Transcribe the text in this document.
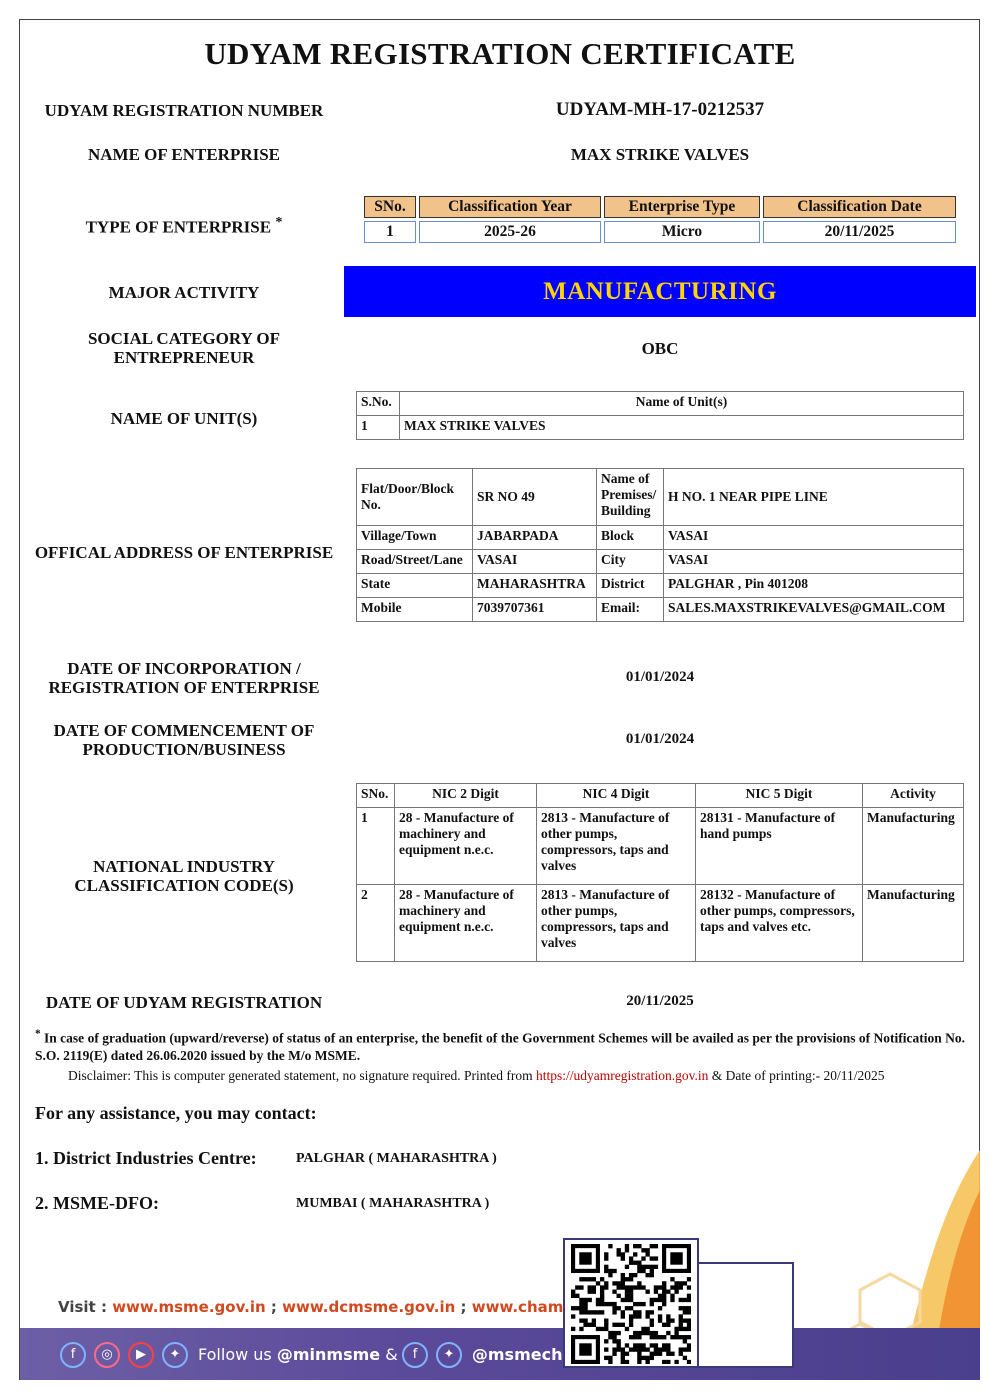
UDYAM REGISTRATION CERTIFICATE
UDYAM REGISTRATION NUMBER	UDYAM-MH-17-0212537
NAME OF ENTERPRISE	MAX STRIKE VALVES
TYPE OF ENTERPRISE *
SNo.	Classification Year	Enterprise Type	Classification Date
1	2025-26	Micro	20/11/2025
MAJOR ACTIVITY	MANUFACTURING
SOCIAL CATEGORY OF
ENTREPRENEUR	OBC
NAME OF UNIT(S)
S.No.	Name of Unit(s)
1	MAX STRIKE VALVES
OFFICAL ADDRESS OF ENTERPRISE
Flat/Door/Block No.	SR NO 49	Name of Premises/ Building	H NO. 1 NEAR PIPE LINE
Village/Town	JABARPADA	Block	VASAI
Road/Street/Lane	VASAI	City	VASAI
State	MAHARASHTRA	District	PALGHAR , Pin 401208
Mobile	7039707361	Email:	SALES.MAXSTRIKEVALVES@GMAIL.COM
DATE OF INCORPORATION /
REGISTRATION OF ENTERPRISE
01/01/2024
DATE OF COMMENCEMENT OF
PRODUCTION/BUSINESS
01/01/2024
NATIONAL INDUSTRY
CLASSIFICATION CODE(S)
SNo.	NIC 2 Digit	NIC 4 Digit	NIC 5 Digit	Activity
1	28 - Manufacture of machinery and equipment n.e.c.	2813 - Manufacture of other pumps, compressors, taps and valves	28131 - Manufacture of hand pumps	Manufacturing
2	28 - Manufacture of machinery and equipment n.e.c.	2813 - Manufacture of other pumps, compressors, taps and valves	28132 - Manufacture of other pumps, compressors, taps and valves etc.	Manufacturing
DATE OF UDYAM REGISTRATION	20/11/2025
* In case of graduation (upward/reverse) of status of an enterprise, the benefit of the Government Schemes will be availed as per the provisions of Notification No. S.O. 2119(E) dated 26.06.2020 issued by the M/o MSME.
Disclaimer: This is computer generated statement, no signature required. Printed from https://udyamregistration.gov.in & Date of printing:- 20/11/2025
For any assistance, you may contact:
1. District Industries Centre:	PALGHAR ( MAHARASHTRA )
2. MSME-DFO:	MUMBAI ( MAHARASHTRA )
Visit : www.msme.gov.in ; www.dcmsme.gov.in ; www.cham
f	◎	▶	✦	Follow us @minmsme &	@msmech
f	✦
